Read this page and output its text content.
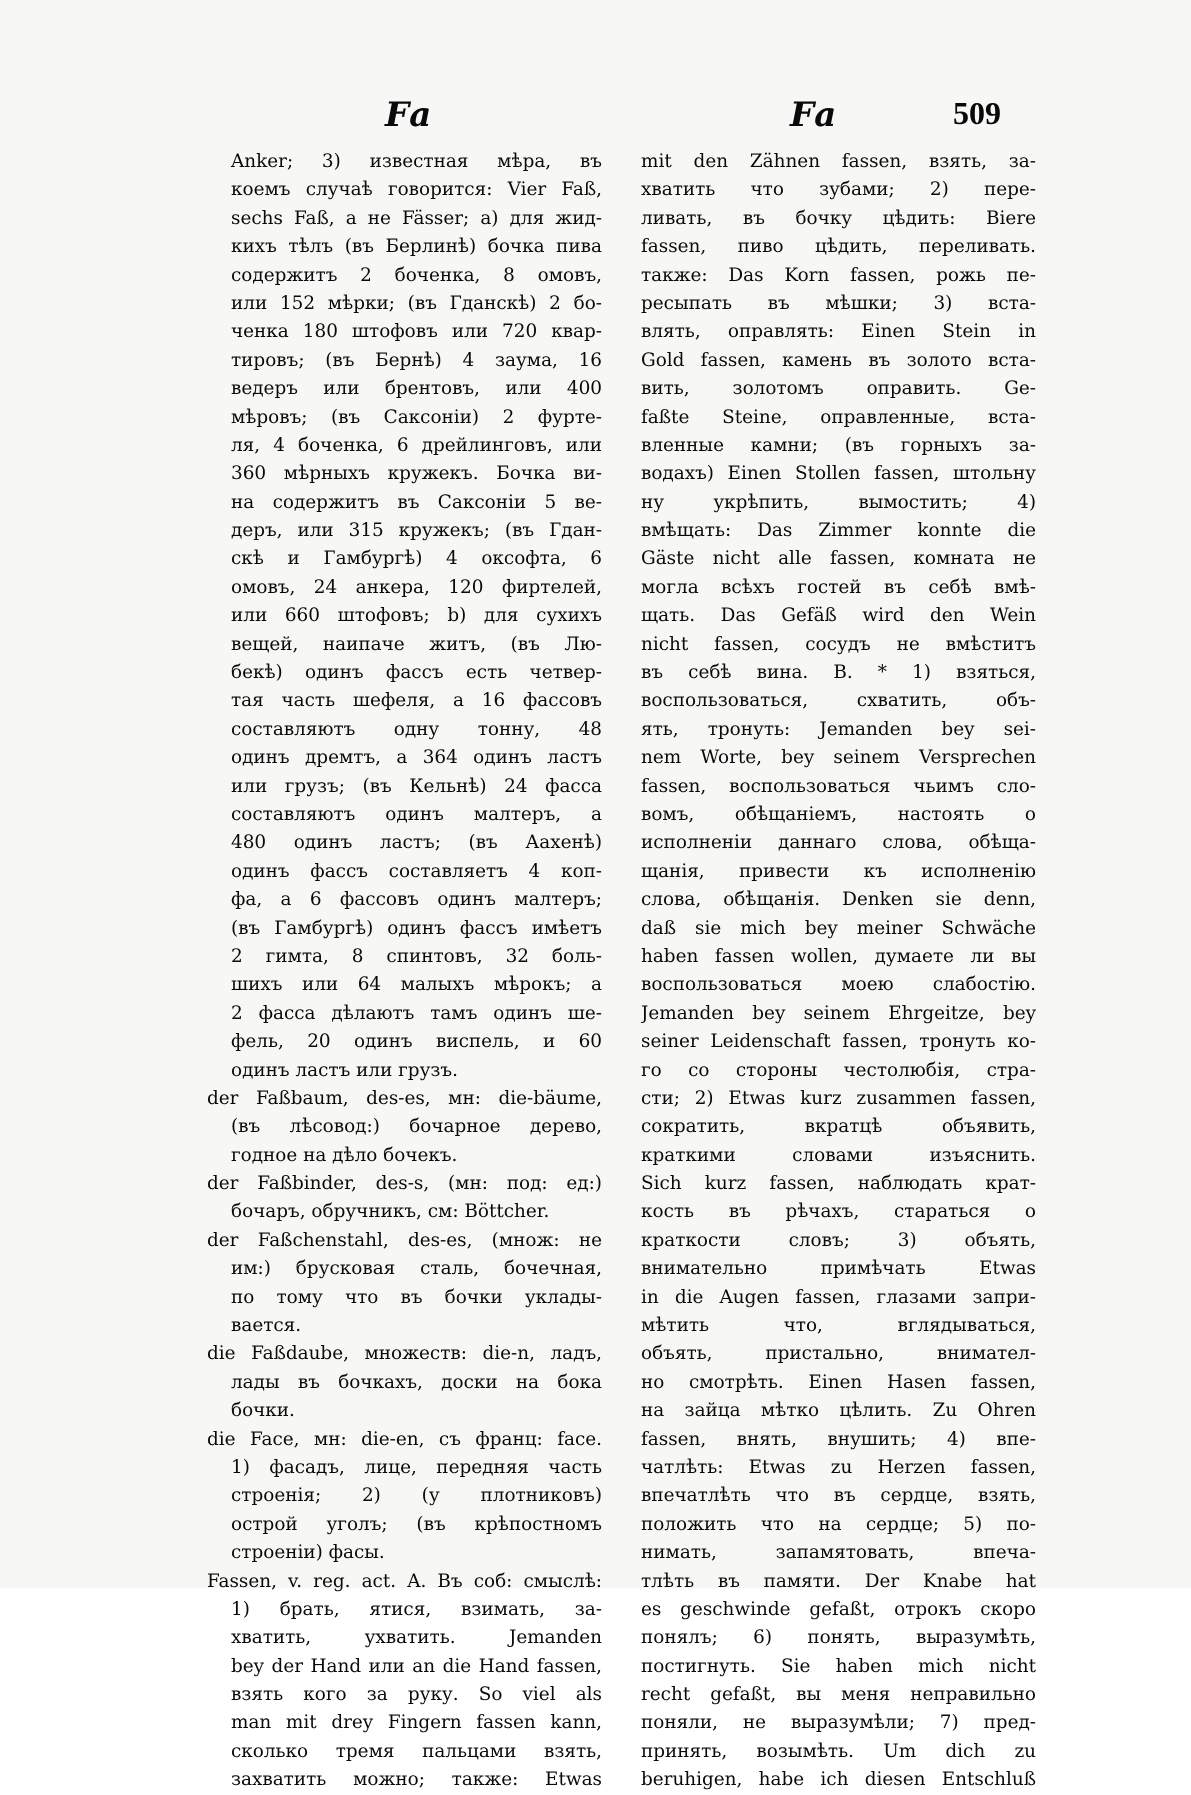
Fa	Fa	509
Anker; 3) известная мѣра, въ
коемъ случаѣ говорится: Vier Faß,
sechs Faß, а не Fässer; a) для жид-
кихъ тѣлъ (въ Берлинѣ) бочка пива
содержитъ 2 боченка, 8 омовъ,
или 152 мѣрки; (въ Гданскѣ) 2 бо-
ченка 180 штофовъ или 720 квар-
тировъ; (въ Бернѣ) 4 заума, 16
ведеръ или брентовъ, или 400
мѣровъ; (въ Саксоніи) 2 фурте-
ля, 4 боченка, 6 дрейлинговъ, или
360 мѣрныхъ кружекъ. Бочка ви-
на содержитъ въ Саксоніи 5 ве-
деръ, или 315 кружекъ; (въ Гдан-
скѣ и Гамбургѣ) 4 оксофта, 6
омовъ, 24 анкера, 120 фиртелей,
или 660 штофовъ; b) для сухихъ
вещей, наипаче житъ, (въ Лю-
бекѣ) одинъ фассъ есть четвер-
тая часть шефеля, а 16 фассовъ
составляютъ одну тонну, 48
одинъ дремтъ, а 364 одинъ ластъ
или грузъ; (въ Кельнѣ) 24 фасса
составляютъ одинъ малтеръ, а
480 одинъ ластъ; (въ Аахенѣ)
одинъ фассъ составляетъ 4 коп-
фа, а 6 фассовъ одинъ малтеръ;
(въ Гамбургѣ) одинъ фассъ имѣетъ
2 гимта, 8 спинтовъ, 32 боль-
шихъ или 64 малыхъ мѣрокъ; а
2 фасса дѣлаютъ тамъ одинъ ше-
фель, 20 одинъ виспель, и 60
одинъ ластъ или грузъ.
der Faßbaum, des-es, мн: die-bäume,
(въ лѣсовод:) бочарное дерево,
годное на дѣло бочекъ.
der Faßbinder, des-s, (мн: под: ед:)
бочаръ, обручникъ, см: Böttcher.
der Faßchenstahl, des-es, (множ: не
им:) брусковая сталь, бочечная,
по тому что въ бочки уклады-
вается.
die Faßdaube, множеств: die-n, ладъ,
лады въ бочкахъ, доски на бока
бочки.
die Face, мн: die-en, съ франц: face.
1) фасадъ, лице, передняя часть
строенія; 2) (у плотниковъ)
острой уголъ; (въ крѣпостномъ
строеніи) фасы.
Fassen, v. reg. act. A. Въ соб: смыслѣ:
1) брать, ятися, взимать, за-
хватить, ухватить. Jemanden
bey der Hand или an die Hand fassen,
взять кого за руку. So viel als
man mit drey Fingern fassen kann,
сколько тремя пальцами взять,
захватить можно; также: Etwas
mit den Zähnen fassen, взять, за-
хватить что зубами; 2) пере-
ливать, въ бочку цѣдить: Biere
fassen, пиво цѣдить, переливать.
также: Das Korn fassen, рожь пе-
ресыпать въ мѣшки; 3) вста-
влять, оправлять: Einen Stein in
Gold fassen, камень въ золото вста-
вить, золотомъ оправить. Ge-
faßte Steine, оправленные, вста-
вленные камни; (въ горныхъ за-
водахъ) Einen Stollen fassen, штольну
ну укрѣпить, вымостить; 4)
вмѣщать: Das Zimmer konnte die
Gäste nicht alle fassen, комната не
могла всѣхъ гостей въ себѣ вмѣ-
щать. Das Gefäß wird den Wein
nicht fassen, сосудъ не вмѣститъ
въ себѣ вина. B. * 1) взяться,
воспользоваться, схватить, объ-
ять, тронуть: Jemanden bey sei-
nem Worte, bey seinem Versprechen
fassen, воспользоваться чьимъ сло-
вомъ, обѣщаніемъ, настоять о
исполненіи даннаго слова, обѣща-
щанія, привести къ исполненію
слова, обѣщанія. Denken sie denn,
daß sie mich bey meiner Schwäche
haben fassen wollen, думаете ли вы
воспользоваться моею слабостію.
Jemanden bey seinem Ehrgeitze, bey
seiner Leidenschaft fassen, тронуть ко-
го со стороны честолюбія, стра-
сти; 2) Etwas kurz zusammen fassen,
сократить, вкратцѣ объявить,
краткими словами изъяснить.
Sich kurz fassen, наблюдать крат-
кость въ рѣчахъ, стараться о
краткости словъ; 3) объять,
внимательно примѣчать Etwas
in die Augen fassen, глазами запри-
мѣтить что, вглядываться,
объять, пристально, внимател-
но смотрѣть. Einen Hasen fassen,
на зайца мѣтко цѣлить. Zu Ohren
fassen, внять, внушить; 4) впе-
чатлѣть: Etwas zu Herzen fassen,
впечатлѣть что въ сердце, взять,
положить что на сердце; 5) по-
нимать, запамятовать, впеча-
тлѣть въ памяти. Der Knabe hat
es geschwinde gefaßt, отрокъ скоро
понялъ; 6) понять, выразумѣть,
постигнуть. Sie haben mich nicht
recht gefaßt, вы меня неправильно
поняли, не выразумѣли; 7) пред-
принять, возымѣть. Um dich zu
beruhigen, habe ich diesen Entschluß
